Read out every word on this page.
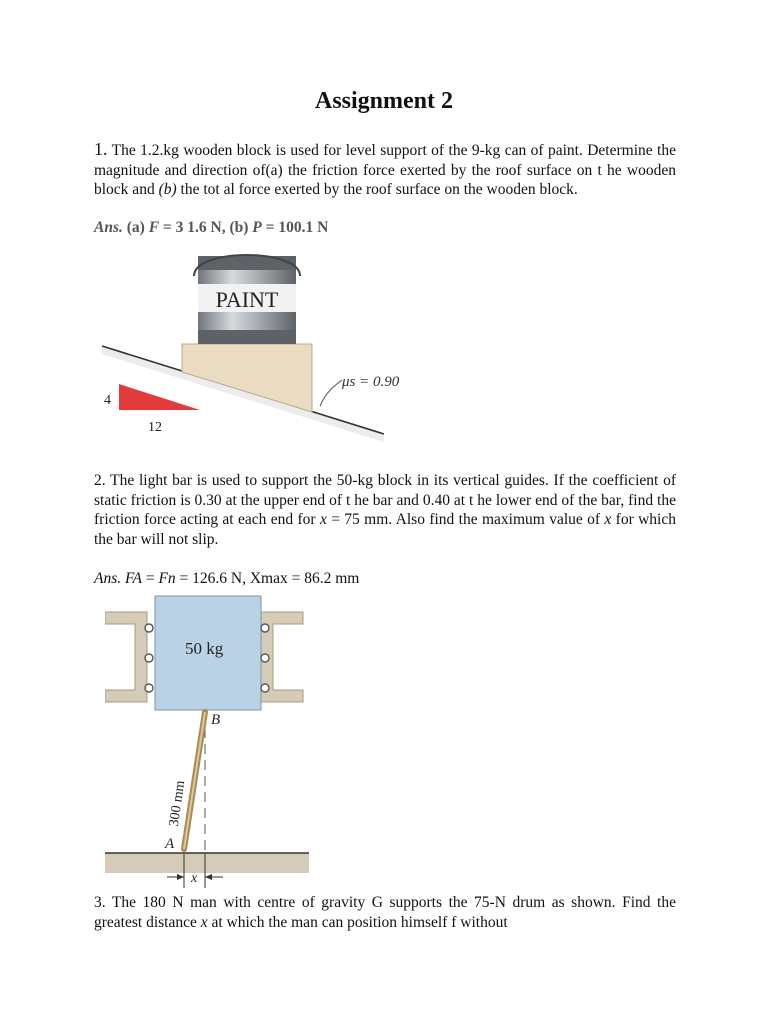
Assignment 2
1. The 1.2.kg wooden block is used for level support of the 9-kg can of paint. Determine the magnitude and direction of(a) the friction force exerted by the roof surface on t he wooden block and (b) the tot al force exerted by the roof surface on the wooden block.
Ans. (a) F = 3 1.6 N, (b) P = 100.1 N
PAINT
μs = 0.90
4
12
2. The light bar is used to support the 50-kg block in its vertical guides. If the coefficient of static friction is 0.30 at the upper end of t he bar and 0.40 at t he lower end of the bar, find the friction force acting at each end for x = 75 mm. Also find the maximum value of x for which the bar will not slip.
Ans. FA = Fn = 126.6 N, Xmax = 86.2 mm
50 kg
B
A
300 mm
x
3. The 180 N man with centre of gravity G supports the 75-N drum as shown. Find the greatest distance x at which the man can position himself f without
